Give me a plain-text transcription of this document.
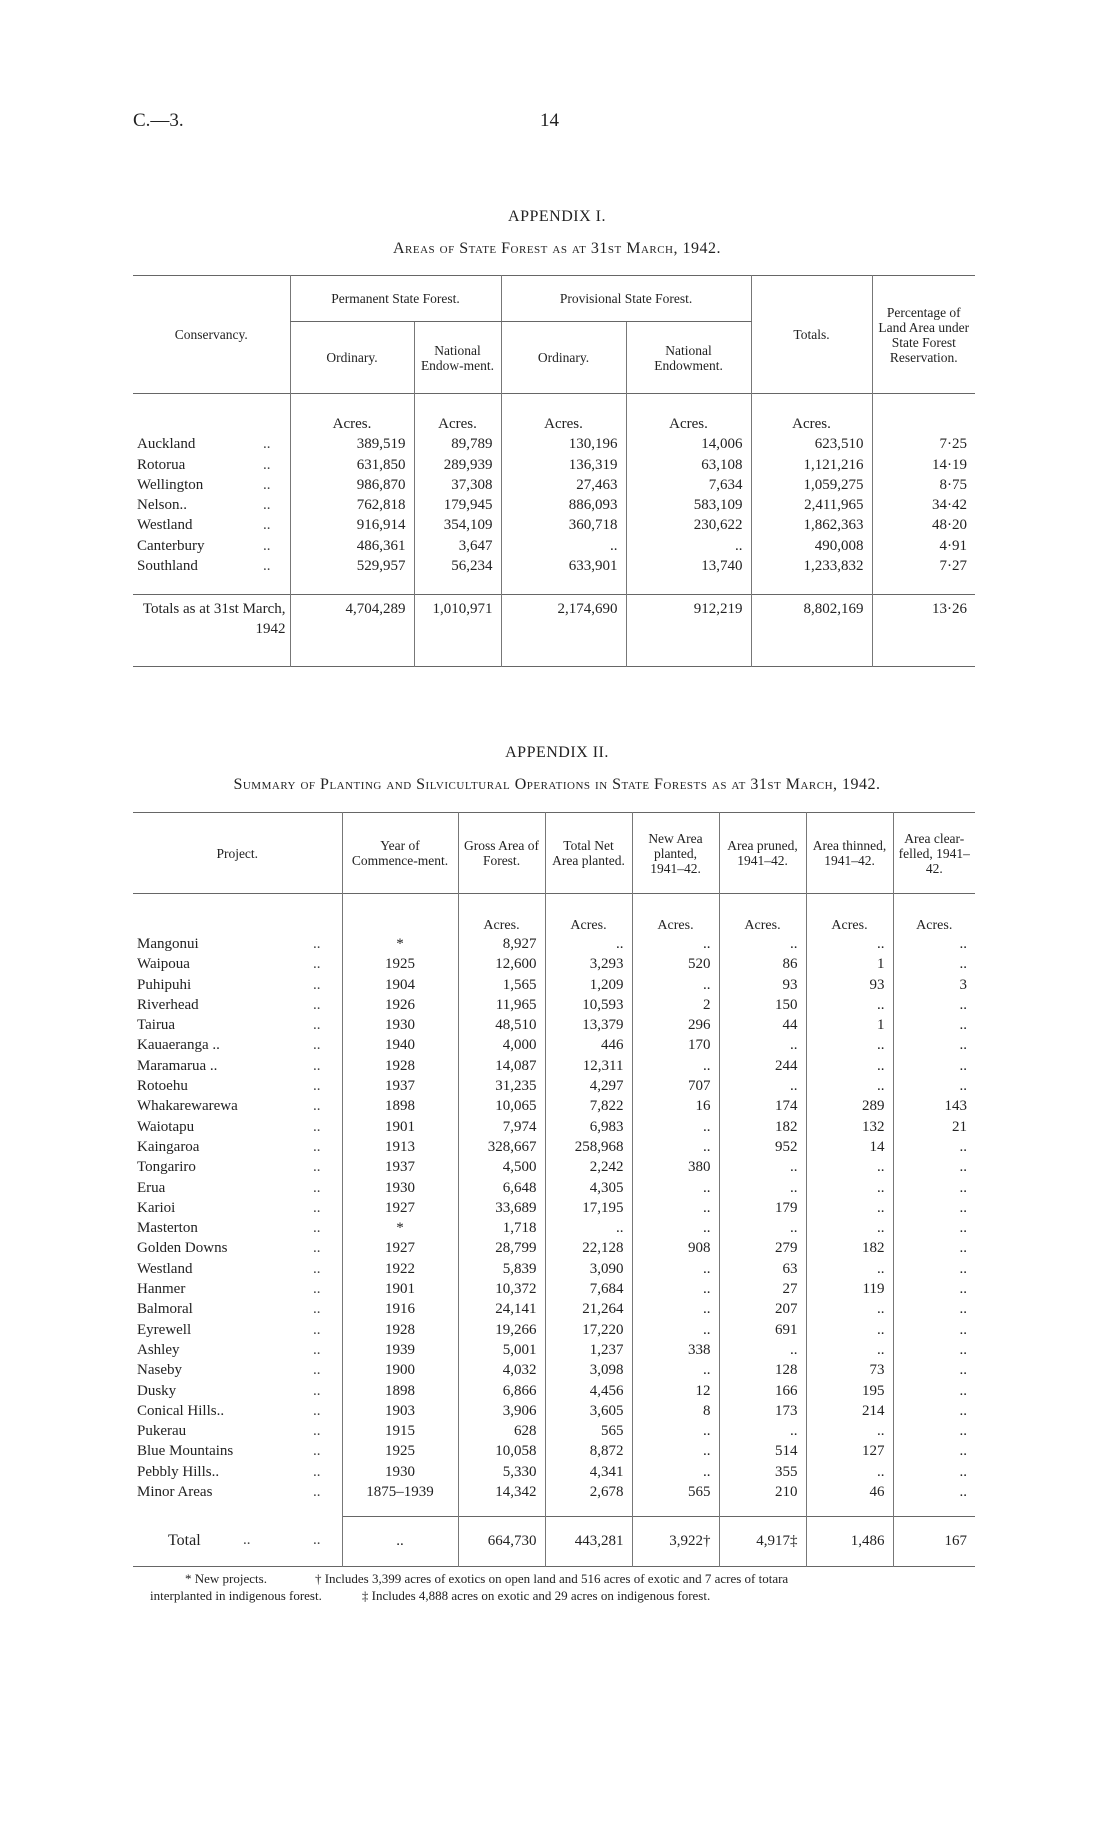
C.—3.	14
APPENDIX I.
Areas of State Forest as at 31st March, 1942.
Conservancy.	Permanent State Forest.		Provisional State Forest.		Totals.	Percentage of Land Area under State Forest Reservation.
	Ordinary.	National Endow-ment.	Ordinary.	National Endowment.		
	Acres.	Acres.	Acres.	Acres.	Acres.	
Auckland ..	389,519	89,789	130,196	14,006	623,510	7·25
Rotorua ..	631,850	289,939	136,319	63,108	1,121,216	14·19
Wellington ..	986,870	37,308	27,463	7,634	1,059,275	8·75
Nelson.. ..	762,818	179,945	886,093	583,109	2,411,965	34·42
Westland ..	916,914	354,109	360,718	230,622	1,862,363	48·20
Canterbury ..	486,361	3,647	..	..	490,008	4·91
Southland ..	529,957	56,234	633,901	13,740	1,233,832	7·27

Totals as at 31st March, 1942	4,704,289	1,010,971	2,174,690	912,219	8,802,169	13·26
APPENDIX II.
Summary of Planting and Silvicultural Operations in State Forests as at 31st March, 1942.
Project.	Year of Commence-ment.	Gross Area of Forest.	Total Net Area planted.	New Area planted, 1941–42.	Area pruned, 1941–42.	Area thinned, 1941–42.	Area clear-felled, 1941–42.
		Acres.	Acres.	Acres.	Acres.	Acres.	Acres.
Mangonui ..	*	8,927	..	..	..	..	..
Waipoua ..	1925	12,600	3,293	520	86	1	..
Puhipuhi ..	1904	1,565	1,209	..	93	93	3
Riverhead ..	1926	11,965	10,593	2	150	..	..
Tairua ..	1930	48,510	13,379	296	44	1	..
Kauaeranga .. ..	1940	4,000	446	170	..	..	..
Maramarua .. ..	1928	14,087	12,311	..	244	..	..
Rotoehu ..	1937	31,235	4,297	707	..	..	..
Whakarewarewa ..	1898	10,065	7,822	16	174	289	143
Waiotapu ..	1901	7,974	6,983	..	182	132	21
Kaingaroa ..	1913	328,667	258,968	..	952	14	..
Tongariro ..	1937	4,500	2,242	380	..	..	..
Erua ..	1930	6,648	4,305	..	..	..	..
Karioi ..	1927	33,689	17,195	..	179	..	..
Masterton ..	*	1,718	..	..	..	..	..
Golden Downs ..	1927	28,799	22,128	908	279	182	..
Westland ..	1922	5,839	3,090	..	63	..	..
Hanmer ..	1901	10,372	7,684	..	27	119	..
Balmoral ..	1916	24,141	21,264	..	207	..	..
Eyrewell ..	1928	19,266	17,220	..	691	..	..
Ashley ..	1939	5,001	1,237	338	..	..	..
Naseby ..	1900	4,032	3,098	..	128	73	..
Dusky ..	1898	6,866	4,456	12	166	195	..
Conical Hills.. ..	1903	3,906	3,605	8	173	214	..
Pukerau ..	1915	628	565	..	..	..	..
Blue Mountains ..	1925	10,058	8,872	..	514	127	..
Pebbly Hills.. ..	1930	5,330	4,341	..	355	..	..
Minor Areas ..	1875–1939	14,342	2,678	565	210	46	..

Total .. ..	..	664,730	443,281	3,922†	4,917‡	1,486	167
* New projects.	† Includes 3,399 acres of exotics on open land and 516 acres of exotic and 7 acres of totara
interplanted in indigenous forest.	‡ Includes 4,888 acres on exotic and 29 acres on indigenous forest.
